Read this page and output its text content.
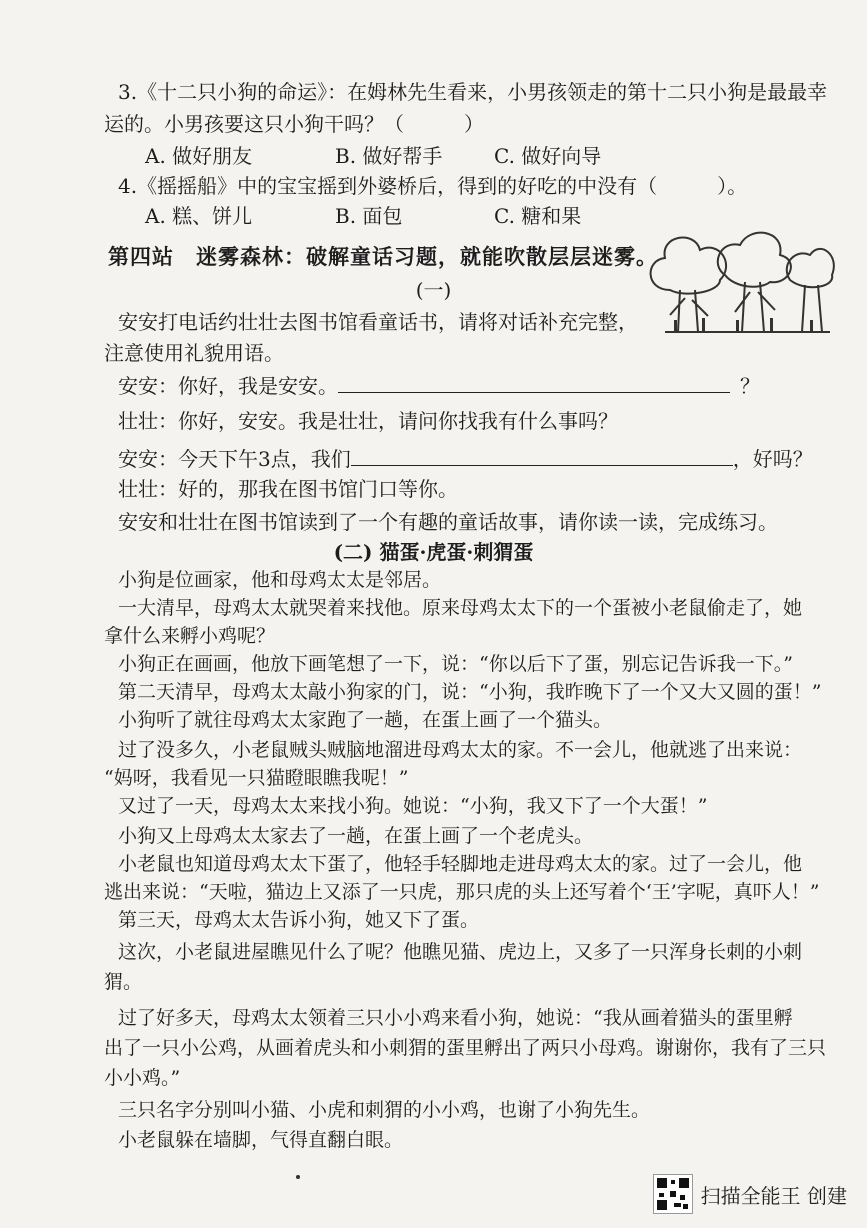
3.《十二只小狗的命运》：在姆林先生看来，小男孩领走的第十二只小狗是最最幸
运的。小男孩要这只小狗干吗？（　　　）
A. 做好朋友	B. 做好帮手	C. 做好向导
4.《摇摇船》中的宝宝摇到外婆桥后，得到的好吃的中没有（　　　）。
A. 糕、饼儿	B. 面包	C. 糖和果
第四站　迷雾森林：破解童话习题，就能吹散层层迷雾。
(一)
安安打电话约壮壮去图书馆看童话书，请将对话补充完整，
注意使用礼貌用语。
安安：你好，我是安安。	？
壮壮：你好，安安。我是壮壮，请问你找我有什么事吗？
安安：今天下午3点，我们	，好吗？
壮壮：好的，那我在图书馆门口等你。
安安和壮壮在图书馆读到了一个有趣的童话故事，请你读一读，完成练习。
(二) 猫蛋·虎蛋·刺猬蛋
小狗是位画家，他和母鸡太太是邻居。
一大清早，母鸡太太就哭着来找他。原来母鸡太太下的一个蛋被小老鼠偷走了，她
拿什么来孵小鸡呢？
小狗正在画画，他放下画笔想了一下，说：“你以后下了蛋，别忘记告诉我一下。”
第二天清早，母鸡太太敲小狗家的门，说：“小狗，我昨晚下了一个又大又圆的蛋！”
小狗听了就往母鸡太太家跑了一趟，在蛋上画了一个猫头。
过了没多久，小老鼠贼头贼脑地溜进母鸡太太的家。不一会儿，他就逃了出来说：
“妈呀，我看见一只猫瞪眼瞧我呢！”
又过了一天，母鸡太太来找小狗。她说：“小狗，我又下了一个大蛋！”
小狗又上母鸡太太家去了一趟，在蛋上画了一个老虎头。
小老鼠也知道母鸡太太下蛋了，他轻手轻脚地走进母鸡太太的家。过了一会儿，他
逃出来说：“天啦，猫边上又添了一只虎，那只虎的头上还写着个‘王’字呢，真吓人！”
第三天，母鸡太太告诉小狗，她又下了蛋。
这次，小老鼠进屋瞧见什么了呢？他瞧见猫、虎边上，又多了一只浑身长刺的小刺
猬。
过了好多天，母鸡太太领着三只小小鸡来看小狗，她说：“我从画着猫头的蛋里孵
出了一只小公鸡，从画着虎头和小刺猬的蛋里孵出了两只小母鸡。谢谢你，我有了三只
小小鸡。”
三只名字分别叫小猫、小虎和刺猬的小小鸡，也谢了小狗先生。
小老鼠躲在墙脚，气得直翻白眼。
扫描全能王 创建
